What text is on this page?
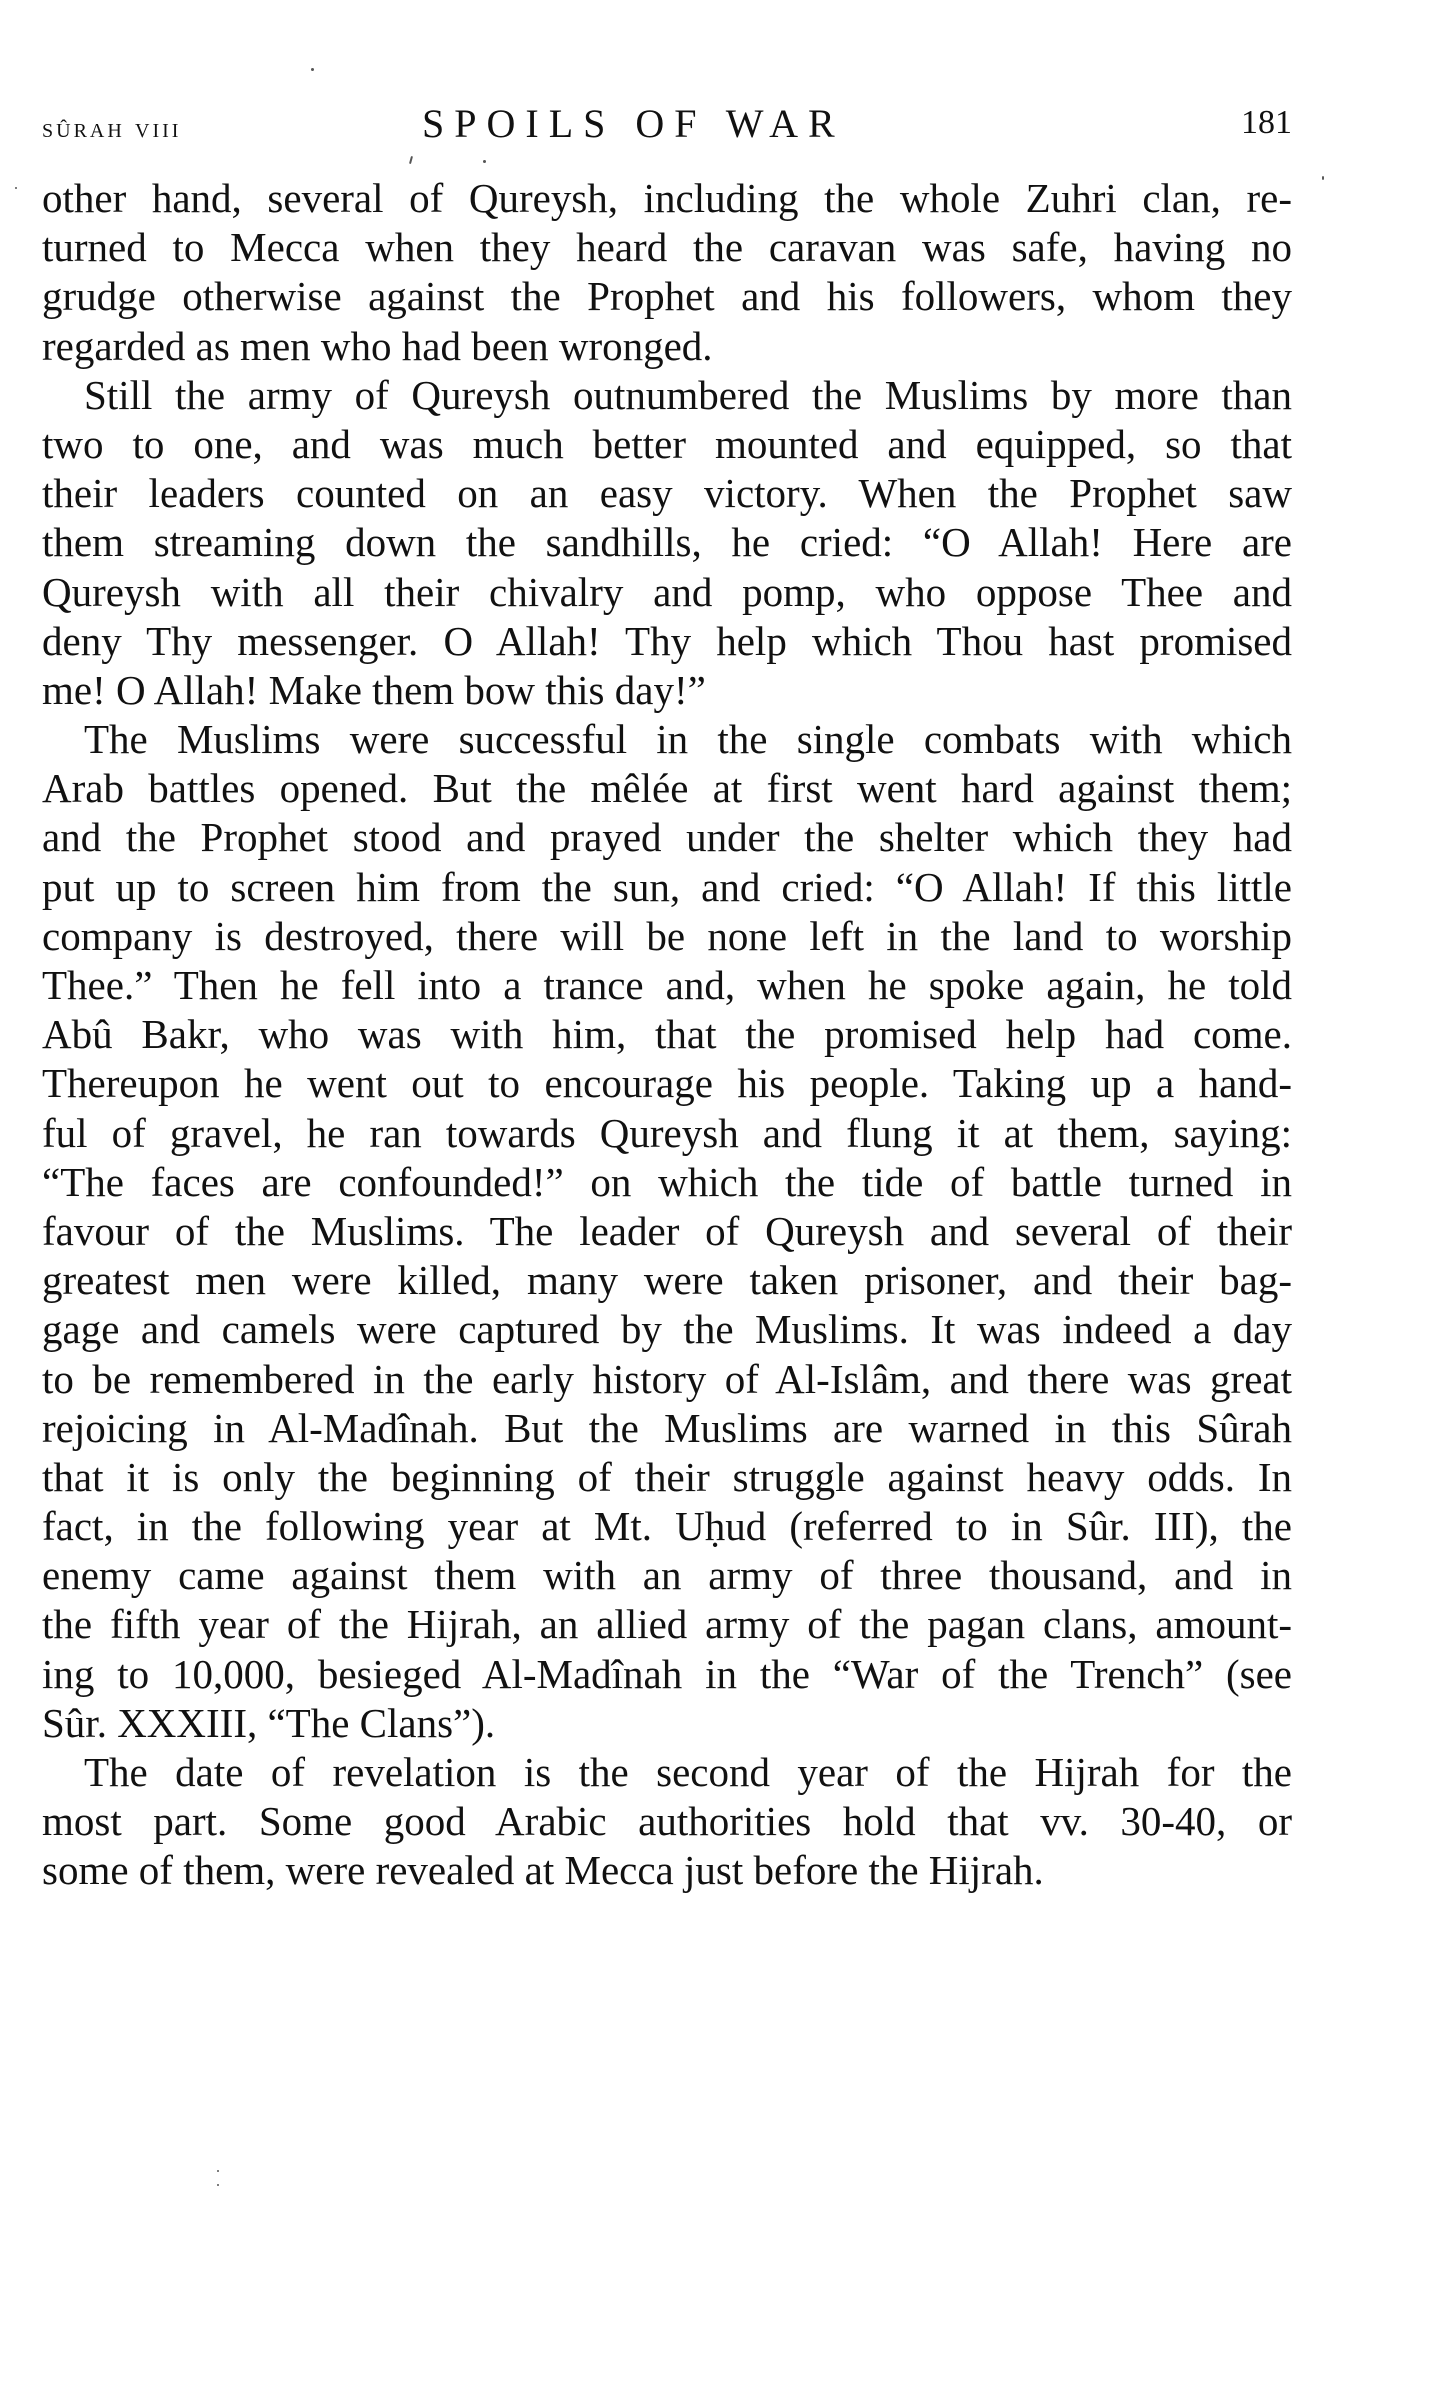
sûrah viii	SPOILS OF WAR	181
other hand, several of Qureysh, including the whole Zuhri clan, re-
turned to Mecca when they heard the caravan was safe, having no
grudge otherwise against the Prophet and his followers, whom they
regarded as men who had been wronged.
Still the army of Qureysh outnumbered the Muslims by more than
two to one, and was much better mounted and equipped, so that
their leaders counted on an easy victory. When the Prophet saw
them streaming down the sandhills, he cried: “O Allah! Here are
Qureysh with all their chivalry and pomp, who oppose Thee and
deny Thy messenger. O Allah! Thy help which Thou hast promised
me! O Allah! Make them bow this day!”
The Muslims were successful in the single combats with which
Arab battles opened. But the mêlée at first went hard against them;
and the Prophet stood and prayed under the shelter which they had
put up to screen him from the sun, and cried: “O Allah! If this little
company is destroyed, there will be none left in the land to worship
Thee.” Then he fell into a trance and, when he spoke again, he told
Abû Bakr, who was with him, that the promised help had come.
Thereupon he went out to encourage his people. Taking up a hand-
ful of gravel, he ran towards Qureysh and flung it at them, saying:
“The faces are confounded!” on which the tide of battle turned in
favour of the Muslims. The leader of Qureysh and several of their
greatest men were killed, many were taken prisoner, and their bag-
gage and camels were captured by the Muslims. It was indeed a day
to be remembered in the early history of Al-Islâm, and there was great
rejoicing in Al-Madînah. But the Muslims are warned in this Sûrah
that it is only the beginning of their struggle against heavy odds. In
fact, in the following year at Mt. Uḥud (referred to in Sûr. III), the
enemy came against them with an army of three thousand, and in
the fifth year of the Hijrah, an allied army of the pagan clans, amount-
ing to 10,000, besieged Al-Madînah in the “War of the Trench” (see
Sûr. XXXIII, “The Clans”).
The date of revelation is the second year of the Hijrah for the
most part. Some good Arabic authorities hold that vv. 30-40, or
some of them, were revealed at Mecca just before the Hijrah.
